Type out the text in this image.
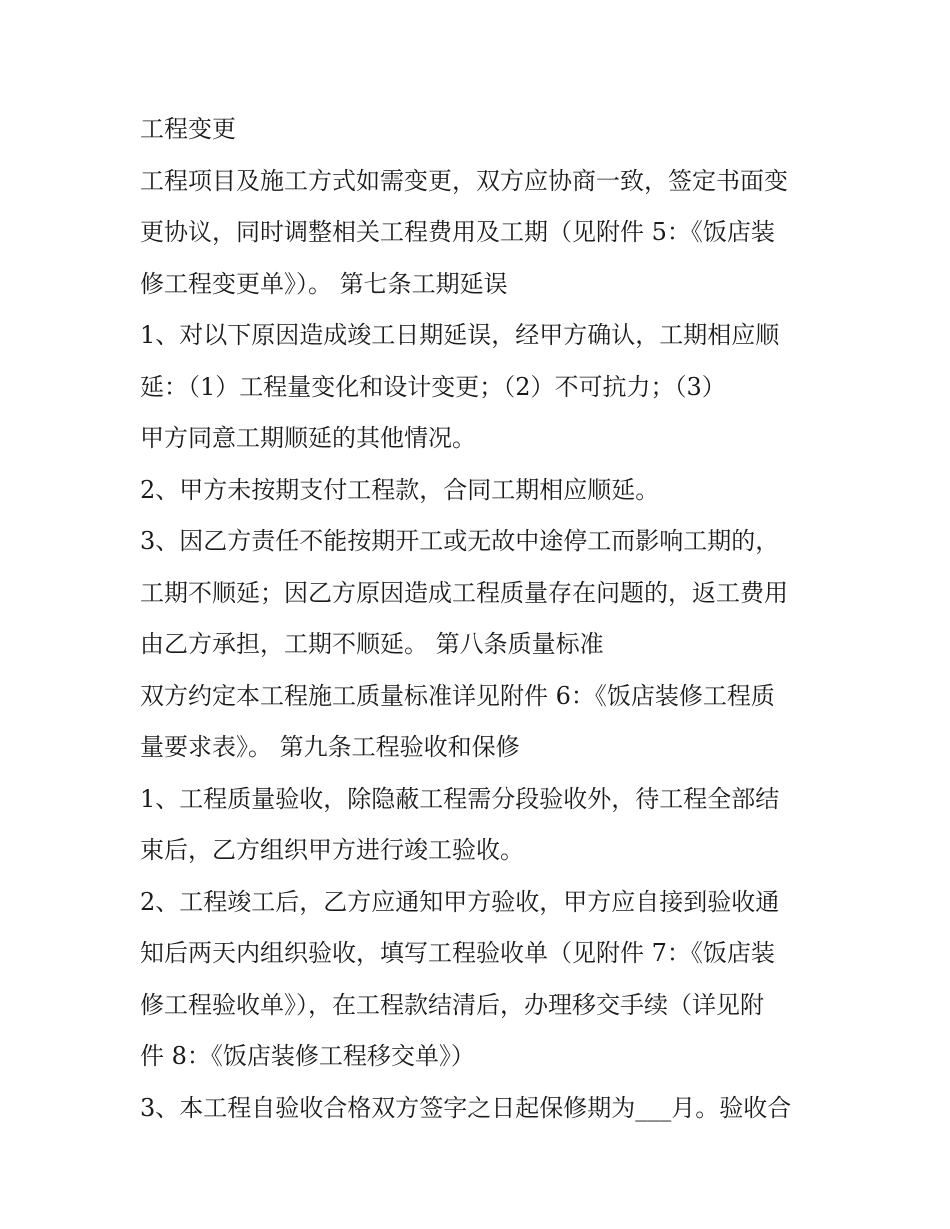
工程变更
工程项目及施工方式如需变更，双方应协商一致，签定书面变
更协议，同时调整相关工程费用及工期（见附件 5：《饭店装
修工程变更单》）。 第七条工期延误
1、对以下原因造成竣工日期延误，经甲方确认，工期相应顺
延：（1）工程量变化和设计变更；（2）不可抗力；（3）
甲方同意工期顺延的其他情况。
2、甲方未按期支付工程款，合同工期相应顺延。
3、因乙方责任不能按期开工或无故中途停工而影响工期的，
工期不顺延；因乙方原因造成工程质量存在问题的，返工费用
由乙方承担，工期不顺延。 第八条质量标准
双方约定本工程施工质量标准详见附件 6：《饭店装修工程质
量要求表》。 第九条工程验收和保修
1、工程质量验收，除隐蔽工程需分段验收外，待工程全部结
束后，乙方组织甲方进行竣工验收。
2、工程竣工后，乙方应通知甲方验收，甲方应自接到验收通
知后两天内组织验收，填写工程验收单（见附件 7：《饭店装
修工程验收单》），在工程款结清后，办理移交手续（详见附
件 8：《饭店装修工程移交单》）
3、本工程自验收合格双方签字之日起保修期为___月。验收合
